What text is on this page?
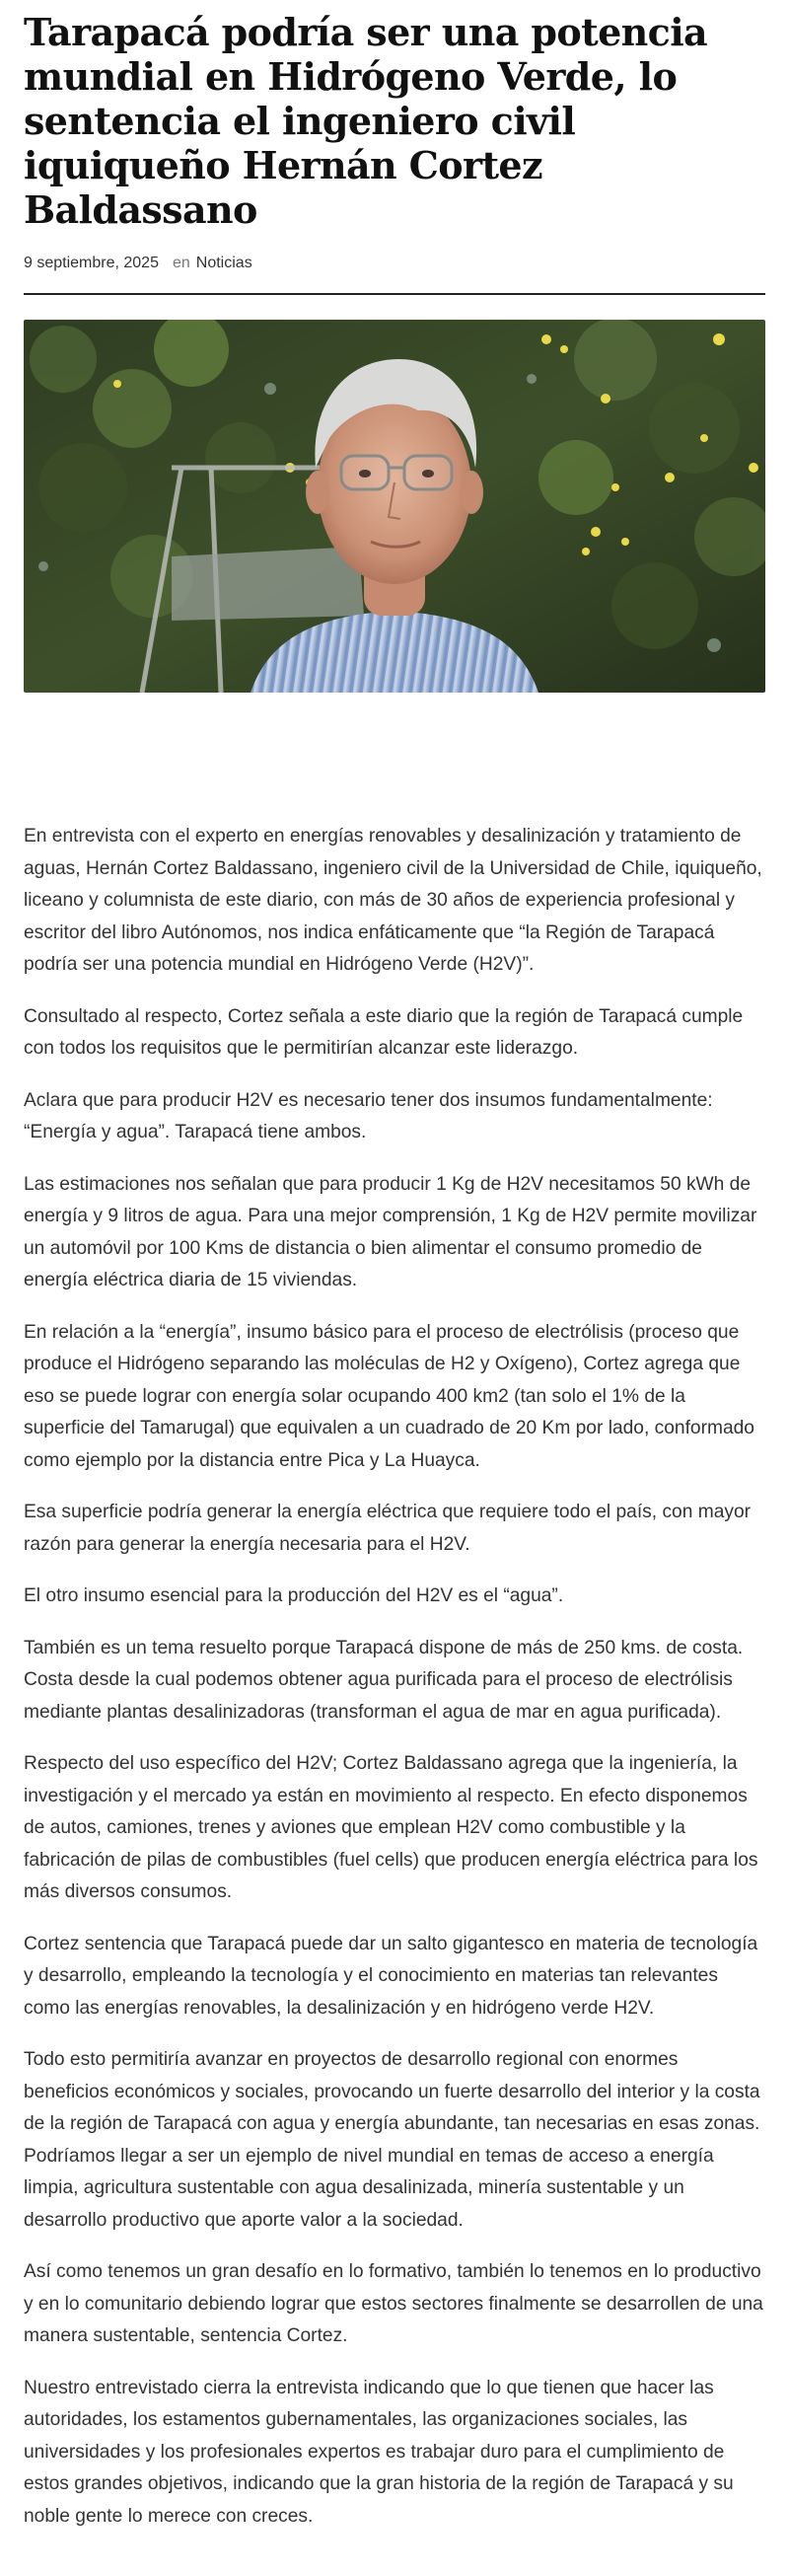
Tarapacá podría ser una potencia mundial en Hidrógeno Verde, lo sentencia el ingeniero civil iquiqueño Hernán Cortez Baldassano
9 septiembre, 2025 en Noticias

En entrevista con el experto en energías renovables y desalinización y tratamiento de aguas, Hernán Cortez Baldassano, ingeniero civil de la Universidad de Chile, iquiqueño, liceano y columnista de este diario, con más de 30 años de experiencia profesional y escritor del libro Autónomos, nos indica enfáticamente que “la Región de Tarapacá podría ser una potencia mundial en Hidrógeno Verde (H2V)”.

Consultado al respecto, Cortez señala a este diario que la región de Tarapacá cumple con todos los requisitos que le permitirían alcanzar este liderazgo.

Aclara que para producir H2V es necesario tener dos insumos fundamentalmente: “Energía y agua”. Tarapacá tiene ambos.

Las estimaciones nos señalan que para producir 1 Kg de H2V necesitamos 50 kWh de energía y 9 litros de agua. Para una mejor comprensión, 1 Kg de H2V permite movilizar un automóvil por 100 Kms de distancia o bien alimentar el consumo promedio de energía eléctrica diaria de 15 viviendas.

En relación a la “energía”, insumo básico para el proceso de electrólisis (proceso que produce el Hidrógeno separando las moléculas de H2 y Oxígeno), Cortez agrega que eso se puede lograr con energía solar ocupando 400 km2 (tan solo el 1% de la superficie del Tamarugal) que equivalen a un cuadrado de 20 Km por lado, conformado como ejemplo por la distancia entre Pica y La Huayca.

Esa superficie podría generar la energía eléctrica que requiere todo el país, con mayor razón para generar la energía necesaria para el H2V.

El otro insumo esencial para la producción del H2V es el “agua”.

También es un tema resuelto porque Tarapacá dispone de más de 250 kms. de costa. Costa desde la cual podemos obtener agua purificada para el proceso de electrólisis mediante plantas desalinizadoras (transforman el agua de mar en agua purificada).

Respecto del uso específico del H2V; Cortez Baldassano agrega que la ingeniería, la investigación y el mercado ya están en movimiento al respecto. En efecto disponemos de autos, camiones, trenes y aviones que emplean H2V como combustible y la fabricación de pilas de combustibles (fuel cells) que producen energía eléctrica para los más diversos consumos.

Cortez sentencia que Tarapacá puede dar un salto gigantesco en materia de tecnología y desarrollo, empleando la tecnología y el conocimiento en materias tan relevantes como las energías renovables, la desalinización y en hidrógeno verde H2V.

Todo esto permitiría avanzar en proyectos de desarrollo regional con enormes beneficios económicos y sociales, provocando un fuerte desarrollo del interior y la costa de la región de Tarapacá con agua y energía abundante, tan necesarias en esas zonas. Podríamos llegar a ser un ejemplo de nivel mundial en temas de acceso a energía limpia, agricultura sustentable con agua desalinizada, minería sustentable y un desarrollo productivo que aporte valor a la sociedad.

Así como tenemos un gran desafío en lo formativo, también lo tenemos en lo productivo y en lo comunitario debiendo lograr que estos sectores finalmente se desarrollen de una manera sustentable, sentencia Cortez.

Nuestro entrevistado cierra la entrevista indicando que lo que tienen que hacer las autoridades, los estamentos gubernamentales, las organizaciones sociales, las universidades y los profesionales expertos es trabajar duro para el cumplimiento de estos grandes objetivos, indicando que la gran historia de la región de Tarapacá y su noble gente lo merece con creces.
